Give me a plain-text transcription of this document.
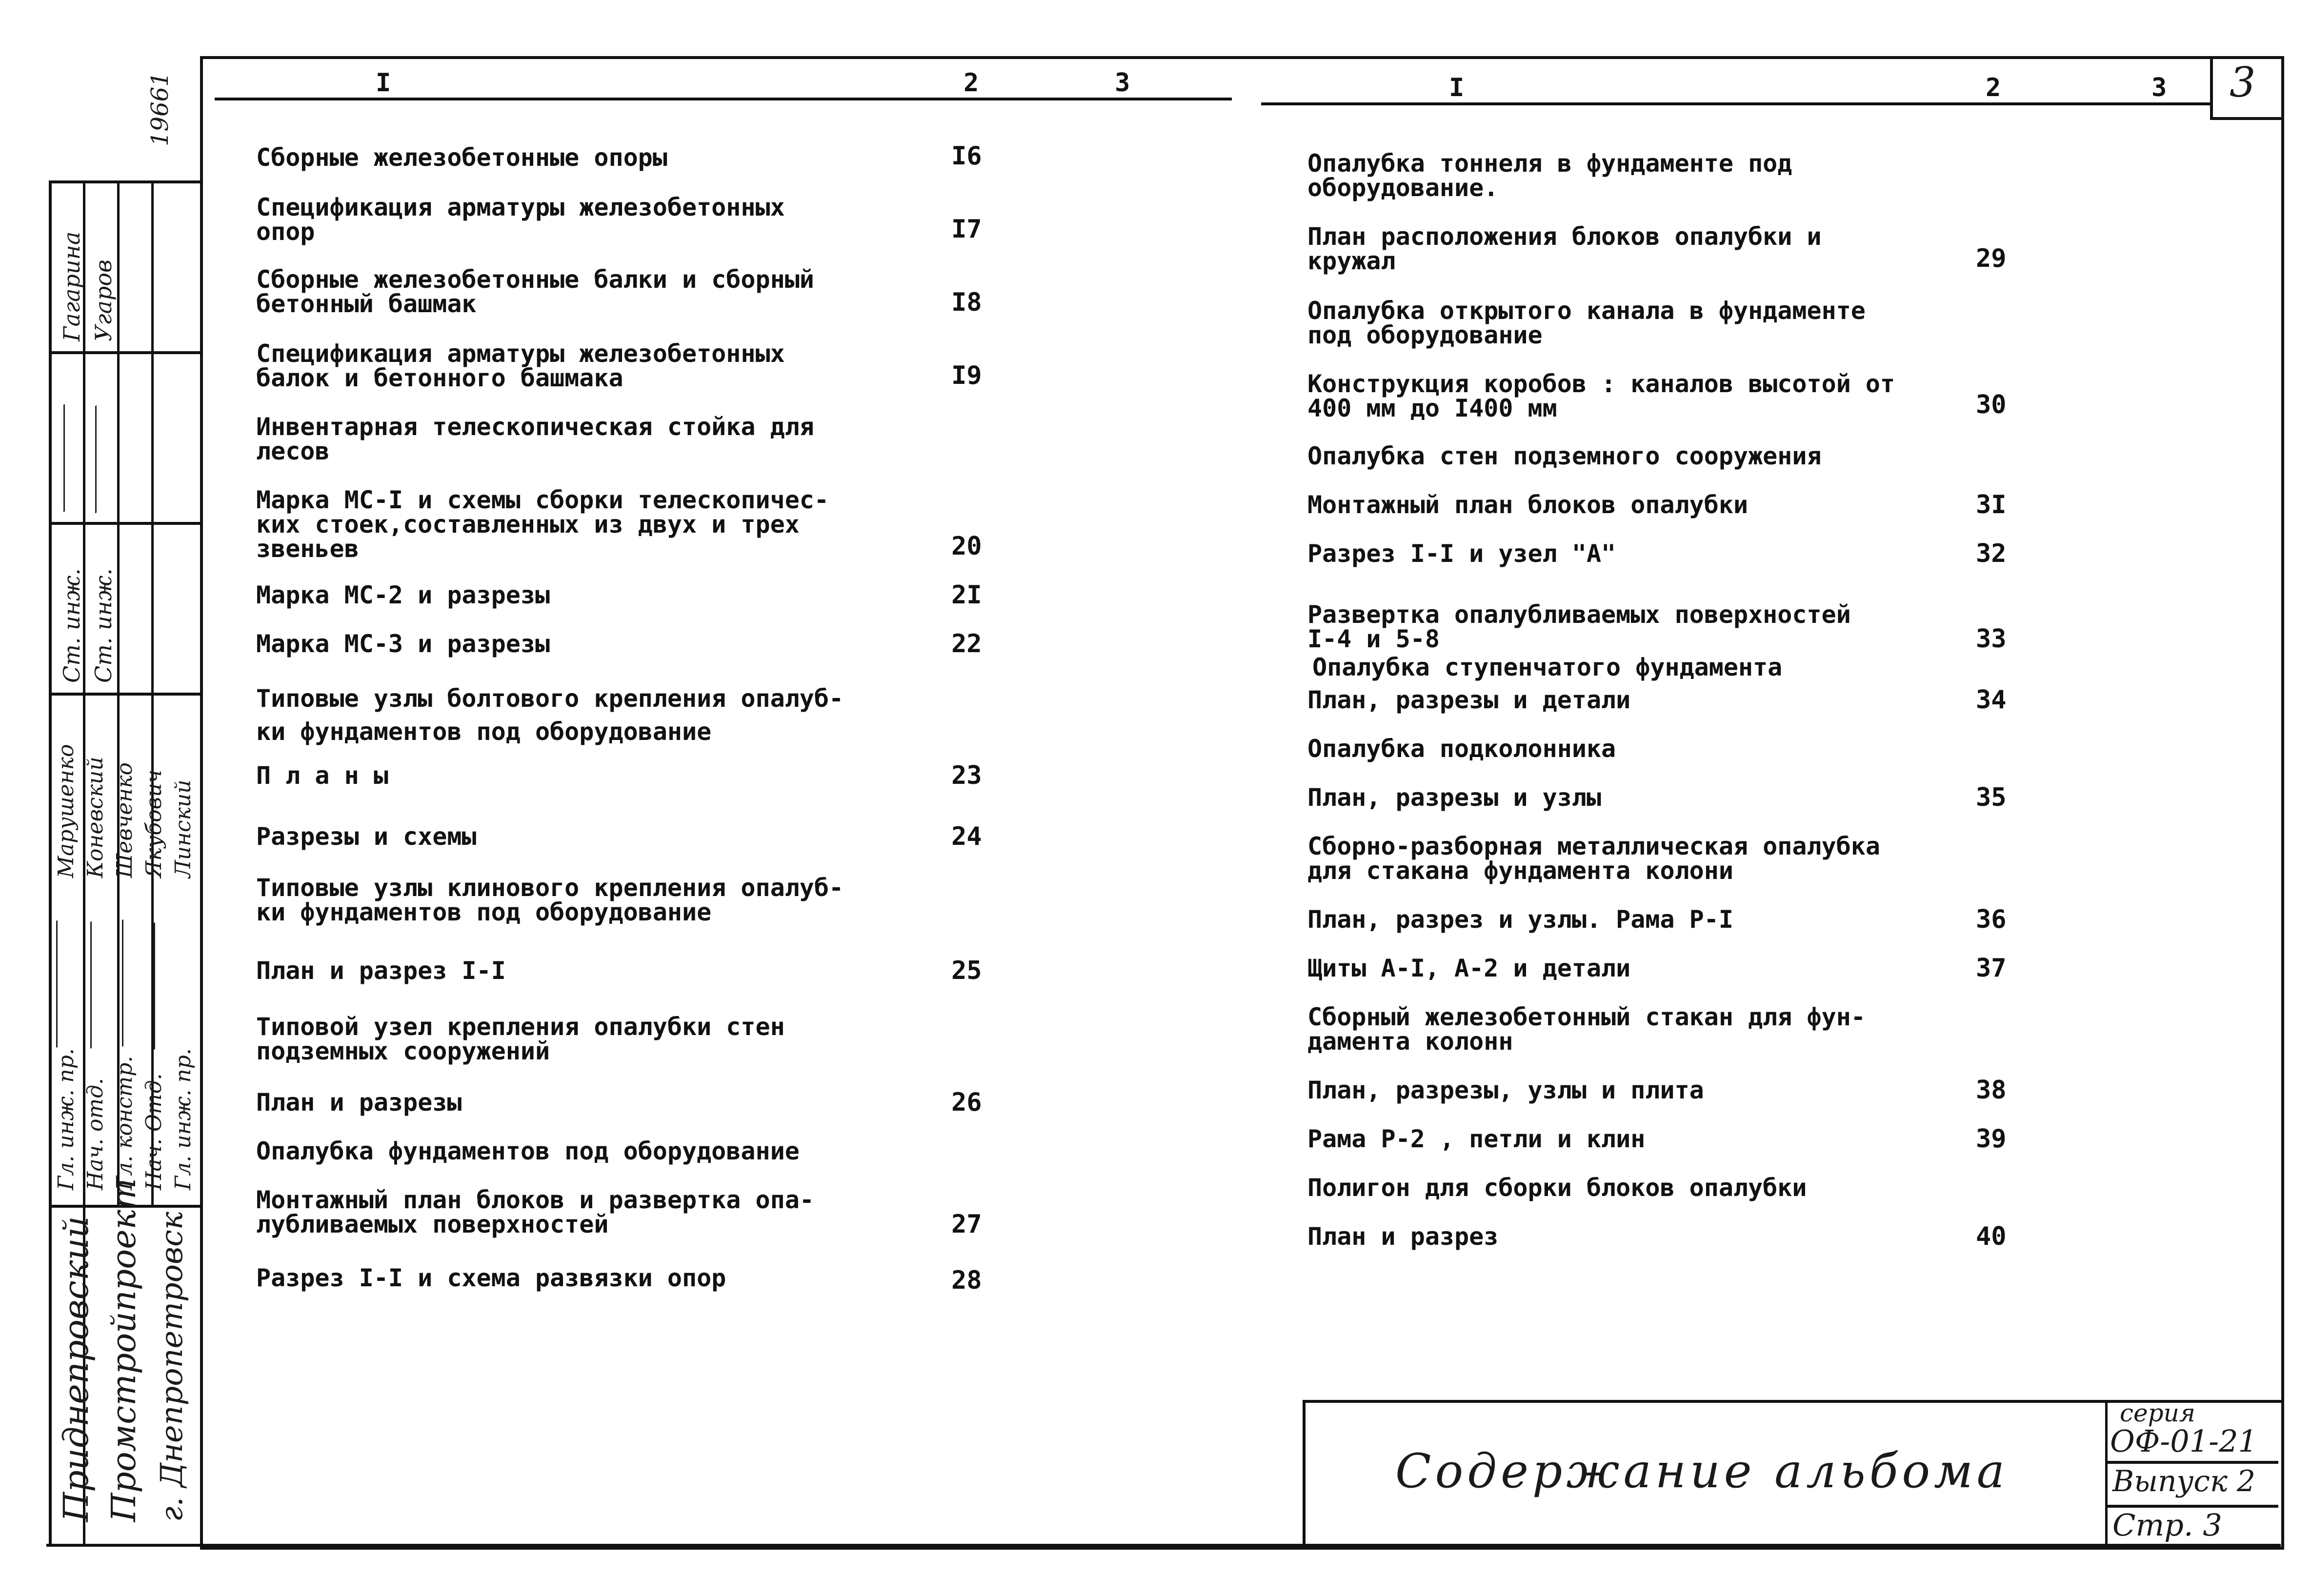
19661
Приднепровский Промстройпроект г. Днепропетровск
Гл. инж. пр. Нач. отд. Гл. констр. Нач. Отд. Гл. инж. пр.
Марушенко Коневский Шевченко Якубович Линский
Ст. инж. Ст. инж.
Гагарина Угаров
3
I	2	3	I	2	3
Сборные железобетонные опоры	I6
Спецификация арматуры железобетонных
опор	I7
Сборные железобетонные балки и сборный
бетонный башмак	I8
Спецификация арматуры железобетонных
балок и бетонного башмака	I9
Инвентарная телескопическая стойка для
лесов
Марка МС-I и схемы сборки телескопичес-
ких стоек,составленных из двух и трех
звеньев	20
Марка МС-2 и разрезы	2I
Марка МС-3 и разрезы	22
Типовые узлы болтового крепления опалуб-
ки фундаментов под оборудование
П л а н ы	23
Разрезы и схемы	24
Типовые узлы клинового крепления опалуб-
ки фундаментов под оборудование
План и разрез I-I	25
Типовой узел крепления опалубки стен
подземных сооружений
План и разрезы	26
Опалубка фундаментов под оборудование
Монтажный план блоков и развертка опа-
лубливаемых поверхностей	27
Разрез I-I и схема развязки опор	28
Опалубка тоннеля в фундаменте под
оборудование.
План расположения блоков опалубки и
кружал	29
Опалубка открытого канала в фундаменте
под оборудование
Конструкция коробов : каналов высотой от
400 мм до I400 мм	30
Опалубка стен подземного сооружения
Монтажный план блоков опалубки	3I
Разрез I-I и узел "А"	32
Развертка опалубливаемых поверхностей
I-4 и 5-8	33
Опалубка ступенчатого фундамента
План, разрезы и детали	34
Опалубка подколонника
План, разрезы и узлы	35
Сборно-разборная металлическая опалубка
для стакана фундамента колони
План, разрез и узлы. Рама Р-I	36
Щиты А-I, А-2 и детали	37
Сборный железобетонный стакан для фун-
дамента колонн
План, разрезы, узлы и плита	38
Рама Р-2 , петли и клин	39
Полигон для сборки блоков опалубки
План и разрез	40
Содержание альбома
серия
ОФ-01-21
Выпуск 2
Стр. 3
